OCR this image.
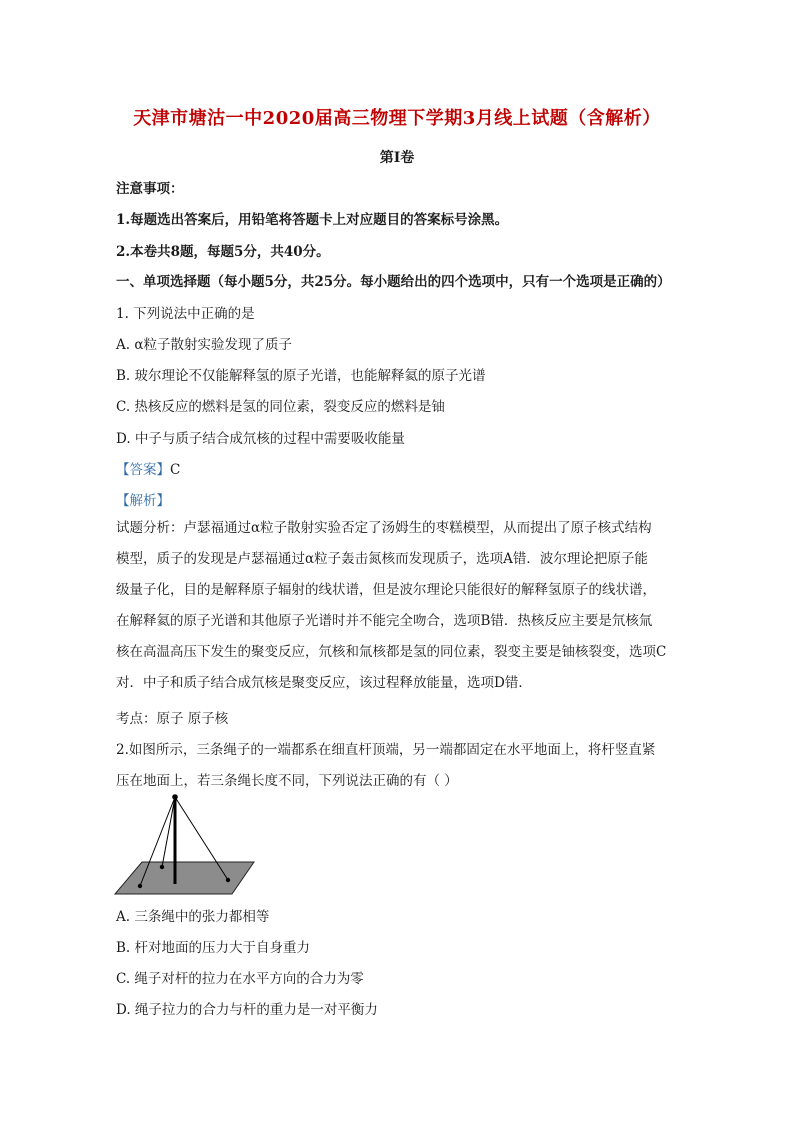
天津市塘沽一中2020届高三物理下学期3月线上试题（含解析）
第Ⅰ卷
注意事项：
1.每题选出答案后，用铅笔将答题卡上对应题目的答案标号涂黑。
2.本卷共8题，每题5分，共40分。
一、单项选择题（每小题5分，共25分。每小题给出的四个选项中，只有一个选项是正确的）
1. 下列说法中正确的是
A. α粒子散射实验发现了质子
B. 玻尔理论不仅能解释氢的原子光谱，也能解释氦的原子光谱
C. 热核反应的燃料是氢的同位素，裂变反应的燃料是铀
D. 中子与质子结合成氘核的过程中需要吸收能量
【答案】C
【解析】

试题分析：卢瑟福通过α粒子散射实验否定了汤姆生的枣糕模型，从而提出了原子核式结构

模型，质子的发现是卢瑟福通过α粒子轰击氮核而发现质子，选项A错．波尔理论把原子能

级量子化，目的是解释原子辐射的线状谱，但是波尔理论只能很好的解释氢原子的线状谱，

在解释氦的原子光谱和其他原子光谱时并不能完全吻合，选项B错．热核反应主要是氘核氚

核在高温高压下发生的聚变反应，氘核和氚核都是氢的同位素，裂变主要是铀核裂变，选项C

对．中子和质子结合成氘核是聚变反应，该过程释放能量，选项D错．

考点：原子 原子核
2.如图所示，三条绳子的一端都系在细直杆顶端，另一端都固定在水平地面上，将杆竖直紧
压在地面上，若三条绳长度不同，下列说法正确的有（ ）
A. 三条绳中的张力都相等
B. 杆对地面的压力大于自身重力
C. 绳子对杆的拉力在水平方向的合力为零
D. 绳子拉力的合力与杆的重力是一对平衡力
